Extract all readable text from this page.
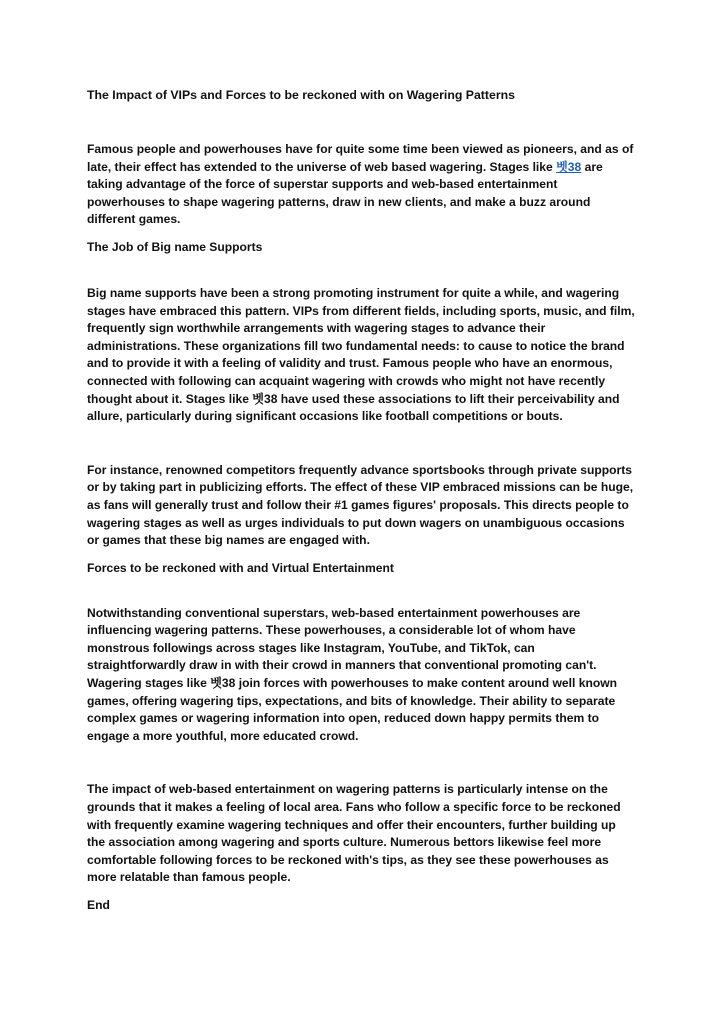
The Impact of VIPs and Forces to be reckoned with on Wagering Patterns

Famous people and powerhouses have for quite some time been viewed as pioneers, and as of late, their effect has extended to the universe of web based wagering. Stages like 벳38 are taking advantage of the force of superstar supports and web-based entertainment powerhouses to shape wagering patterns, draw in new clients, and make a buzz around different games.

The Job of Big name Supports

Big name supports have been a strong promoting instrument for quite a while, and wagering stages have embraced this pattern. VIPs from different fields, including sports, music, and film, frequently sign worthwhile arrangements with wagering stages to advance their administrations. These organizations fill two fundamental needs: to cause to notice the brand and to provide it with a feeling of validity and trust. Famous people who have an enormous, connected with following can acquaint wagering with crowds who might not have recently thought about it. Stages like 벳38 have used these associations to lift their perceivability and allure, particularly during significant occasions like football competitions or bouts.

For instance, renowned competitors frequently advance sportsbooks through private supports or by taking part in publicizing efforts. The effect of these VIP embraced missions can be huge, as fans will generally trust and follow their #1 games figures' proposals. This directs people to wagering stages as well as urges individuals to put down wagers on unambiguous occasions or games that these big names are engaged with.

Forces to be reckoned with and Virtual Entertainment

Notwithstanding conventional superstars, web-based entertainment powerhouses are influencing wagering patterns. These powerhouses, a considerable lot of whom have monstrous followings across stages like Instagram, YouTube, and TikTok, can straightforwardly draw in with their crowd in manners that conventional promoting can't. Wagering stages like 벳38 join forces with powerhouses to make content around well known games, offering wagering tips, expectations, and bits of knowledge. Their ability to separate complex games or wagering information into open, reduced down happy permits them to engage a more youthful, more educated crowd.

The impact of web-based entertainment on wagering patterns is particularly intense on the grounds that it makes a feeling of local area. Fans who follow a specific force to be reckoned with frequently examine wagering techniques and offer their encounters, further building up the association among wagering and sports culture. Numerous bettors likewise feel more comfortable following forces to be reckoned with's tips, as they see these powerhouses as more relatable than famous people.

End
